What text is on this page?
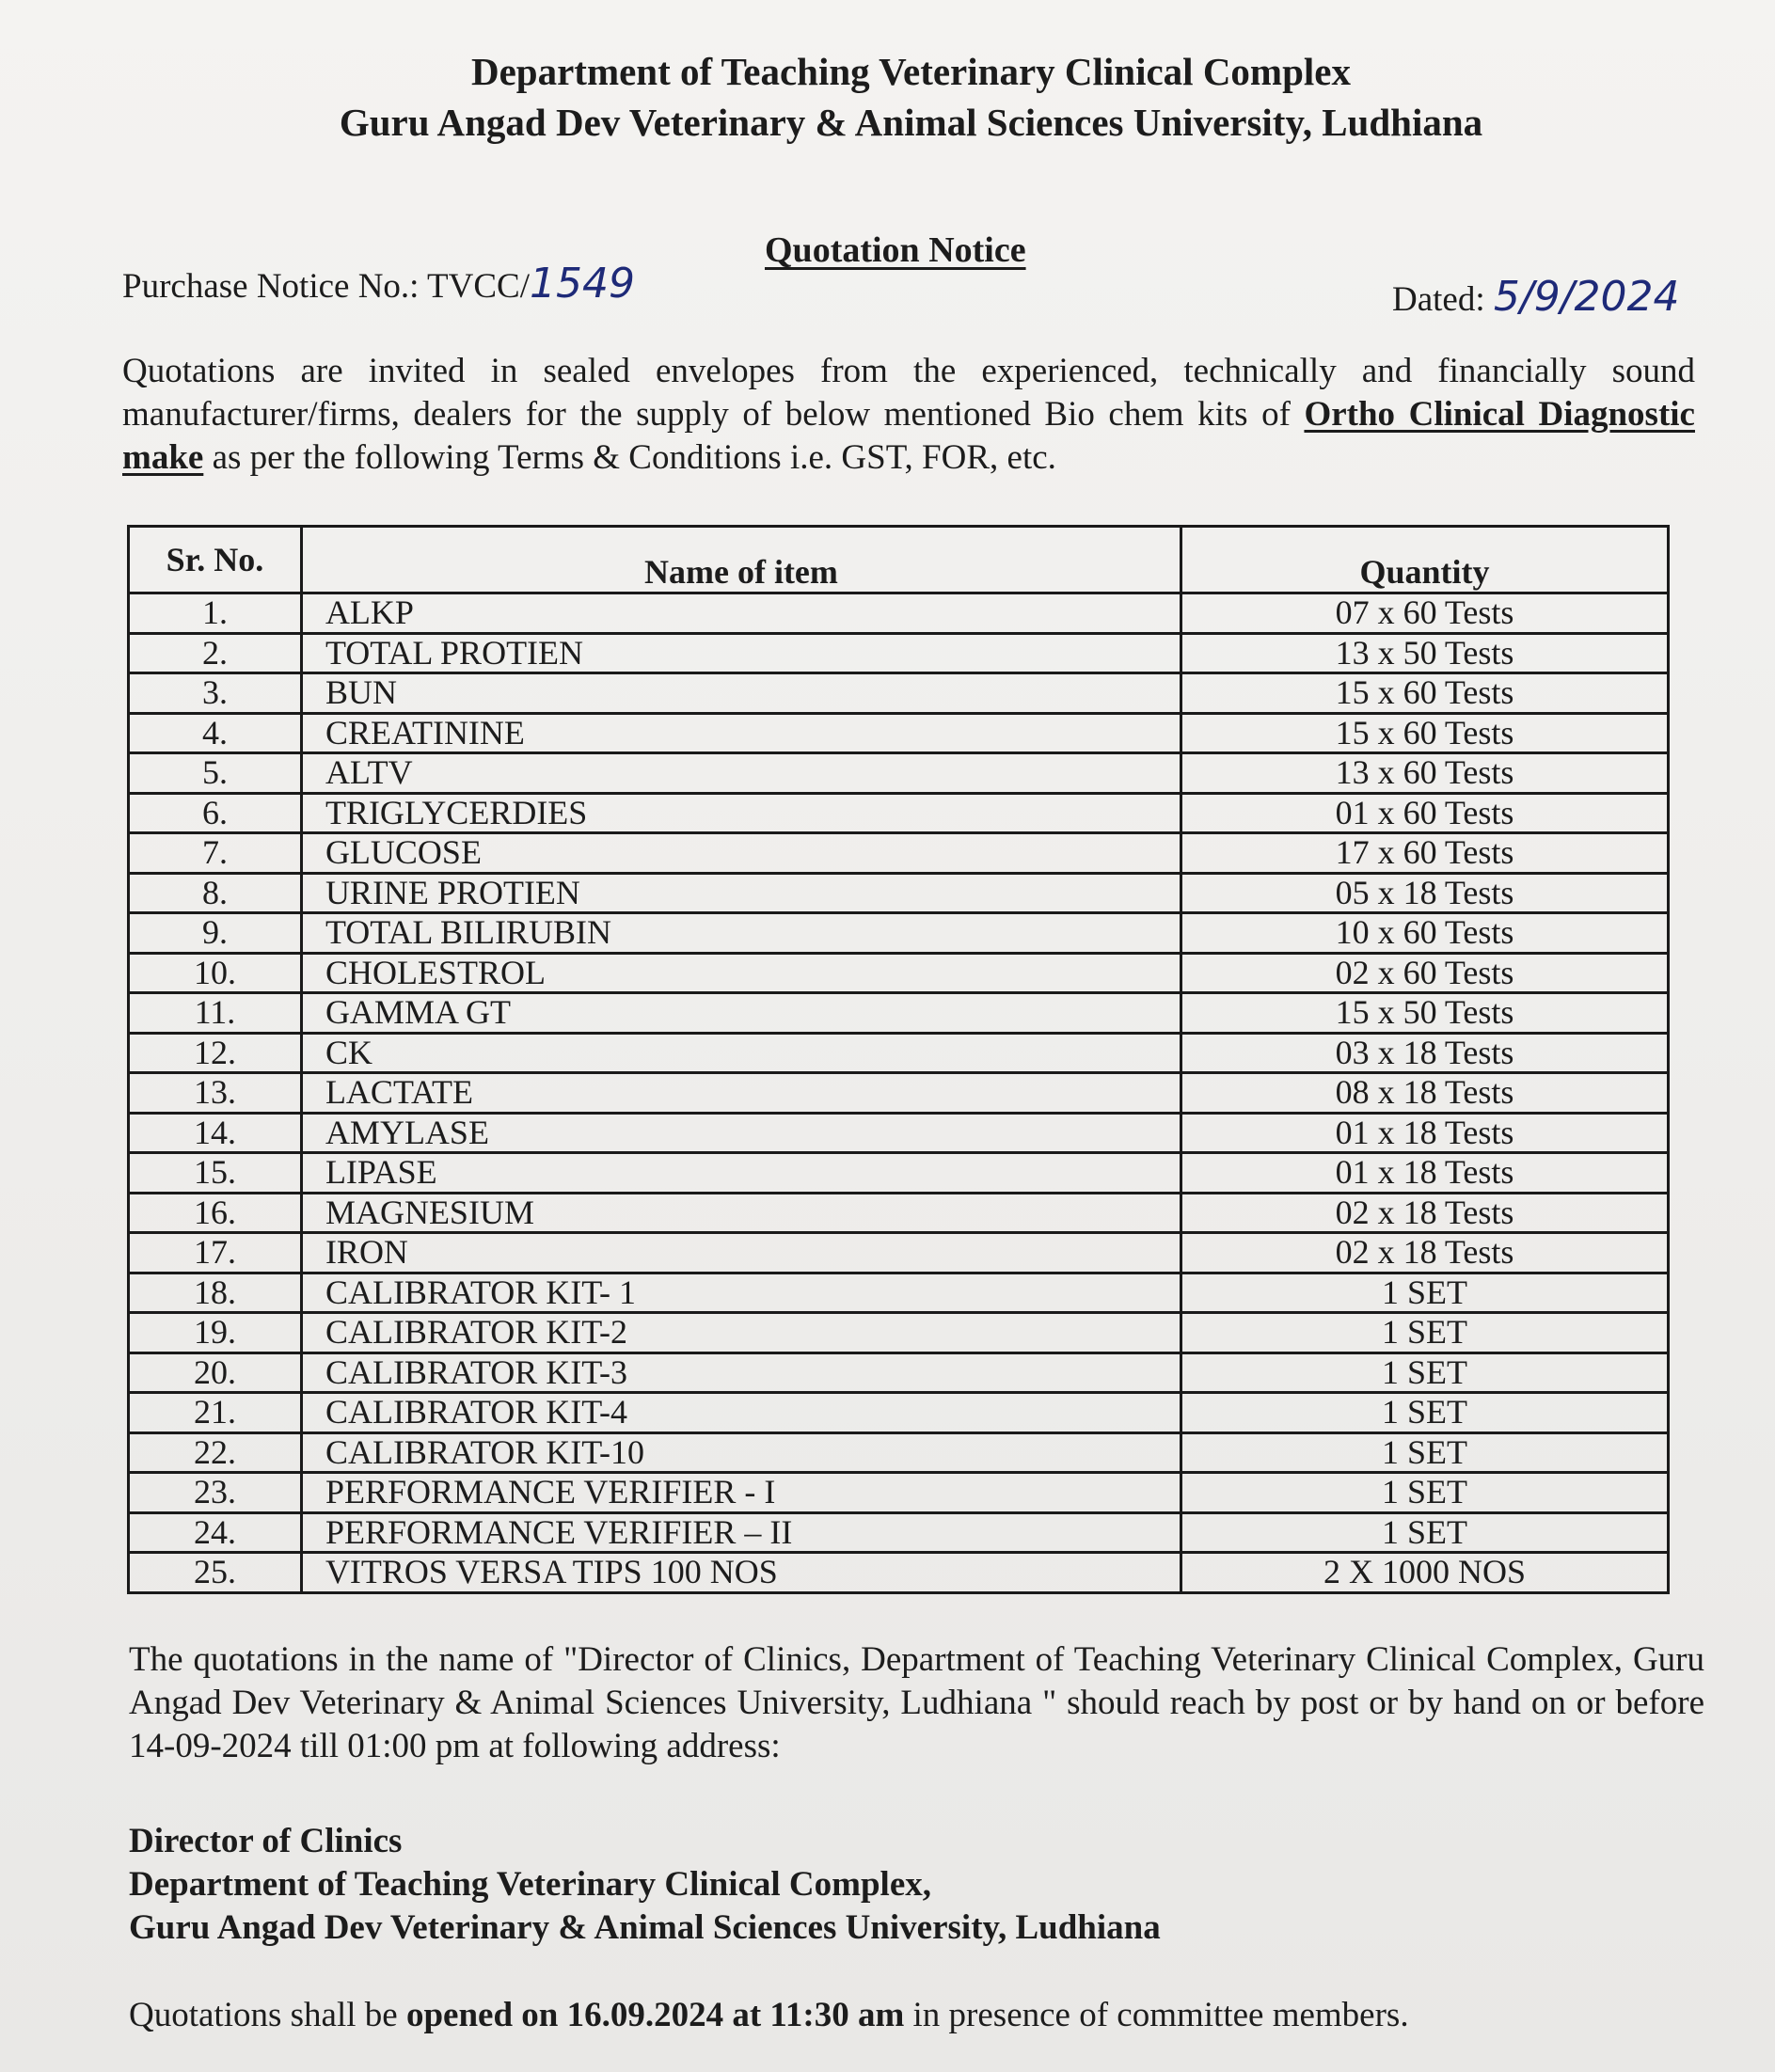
Department of Teaching Veterinary Clinical Complex
Guru Angad Dev Veterinary & Animal Sciences University, Ludhiana
Quotation Notice
Purchase Notice No.: TVCC/1549	Dated: 5/9/2024
Quotations are invited in sealed envelopes from the experienced, technically and financially sound manufacturer/firms, dealers for the supply of below mentioned Bio chem kits of Ortho Clinical Diagnostic make as per the following Terms & Conditions i.e. GST, FOR, etc.
Sr. No.	Name of item	Quantity
1.	ALKP	07 x 60 Tests
2.	TOTAL PROTIEN	13 x 50 Tests
3.	BUN	15 x 60 Tests
4.	CREATININE	15 x 60 Tests
5.	ALTV	13 x 60 Tests
6.	TRIGLYCERDIES	01 x 60 Tests
7.	GLUCOSE	17 x 60 Tests
8.	URINE PROTIEN	05 x 18 Tests
9.	TOTAL BILIRUBIN	10 x 60 Tests
10.	CHOLESTROL	02 x 60 Tests
11.	GAMMA GT	15 x 50 Tests
12.	CK	03 x 18 Tests
13.	LACTATE	08 x 18 Tests
14.	AMYLASE	01 x 18 Tests
15.	LIPASE	01 x 18 Tests
16.	MAGNESIUM	02 x 18 Tests
17.	IRON	02 x 18 Tests
18.	CALIBRATOR KIT- 1	1 SET
19.	CALIBRATOR KIT-2	1 SET
20.	CALIBRATOR KIT-3	1 SET
21.	CALIBRATOR KIT-4	1 SET
22.	CALIBRATOR KIT-10	1 SET
23.	PERFORMANCE VERIFIER - I	1 SET
24.	PERFORMANCE VERIFIER – II	1 SET
25.	VITROS VERSA TIPS 100 NOS	2 X 1000 NOS
The quotations in the name of "Director of Clinics, Department of Teaching Veterinary Clinical Complex, Guru Angad Dev Veterinary & Animal Sciences University, Ludhiana " should reach by post or by hand on or before 14-09-2024 till 01:00 pm at following address:
Director of Clinics
Department of Teaching Veterinary Clinical Complex,
Guru Angad Dev Veterinary & Animal Sciences University, Ludhiana
Quotations shall be opened on 16.09.2024 at 11:30 am in presence of committee members.
